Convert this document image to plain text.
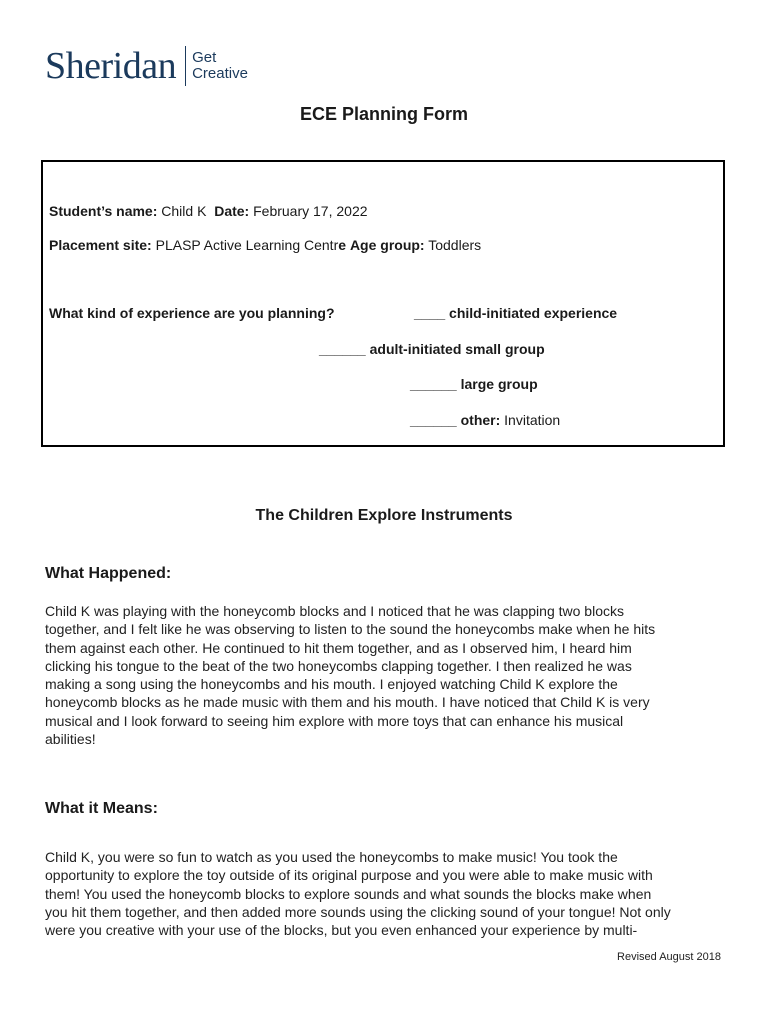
Sheridan Get
Creative
ECE Planning Form
Student’s name: Child K Date: February 17, 2022
Placement site: PLASP Active Learning Centre Age group: Toddlers
What kind of experience are you planning?	____ child-initiated experience
______ adult-initiated small group
______ large group
______ other: Invitation
The Children Explore Instruments
What Happened:
Child K was playing with the honeycomb blocks and I noticed that he was clapping two blocks
together, and I felt like he was observing to listen to the sound the honeycombs make when he hits
them against each other. He continued to hit them together, and as I observed him, I heard him
clicking his tongue to the beat of the two honeycombs clapping together. I then realized he was
making a song using the honeycombs and his mouth. I enjoyed watching Child K explore the
honeycomb blocks as he made music with them and his mouth. I have noticed that Child K is very
musical and I look forward to seeing him explore with more toys that can enhance his musical
abilities!
What it Means:
Child K, you were so fun to watch as you used the honeycombs to make music! You took the
opportunity to explore the toy outside of its original purpose and you were able to make music with
them! You used the honeycomb blocks to explore sounds and what sounds the blocks make when
you hit them together, and then added more sounds using the clicking sound of your tongue! Not only
were you creative with your use of the blocks, but you even enhanced your experience by multi-
Revised August 2018
